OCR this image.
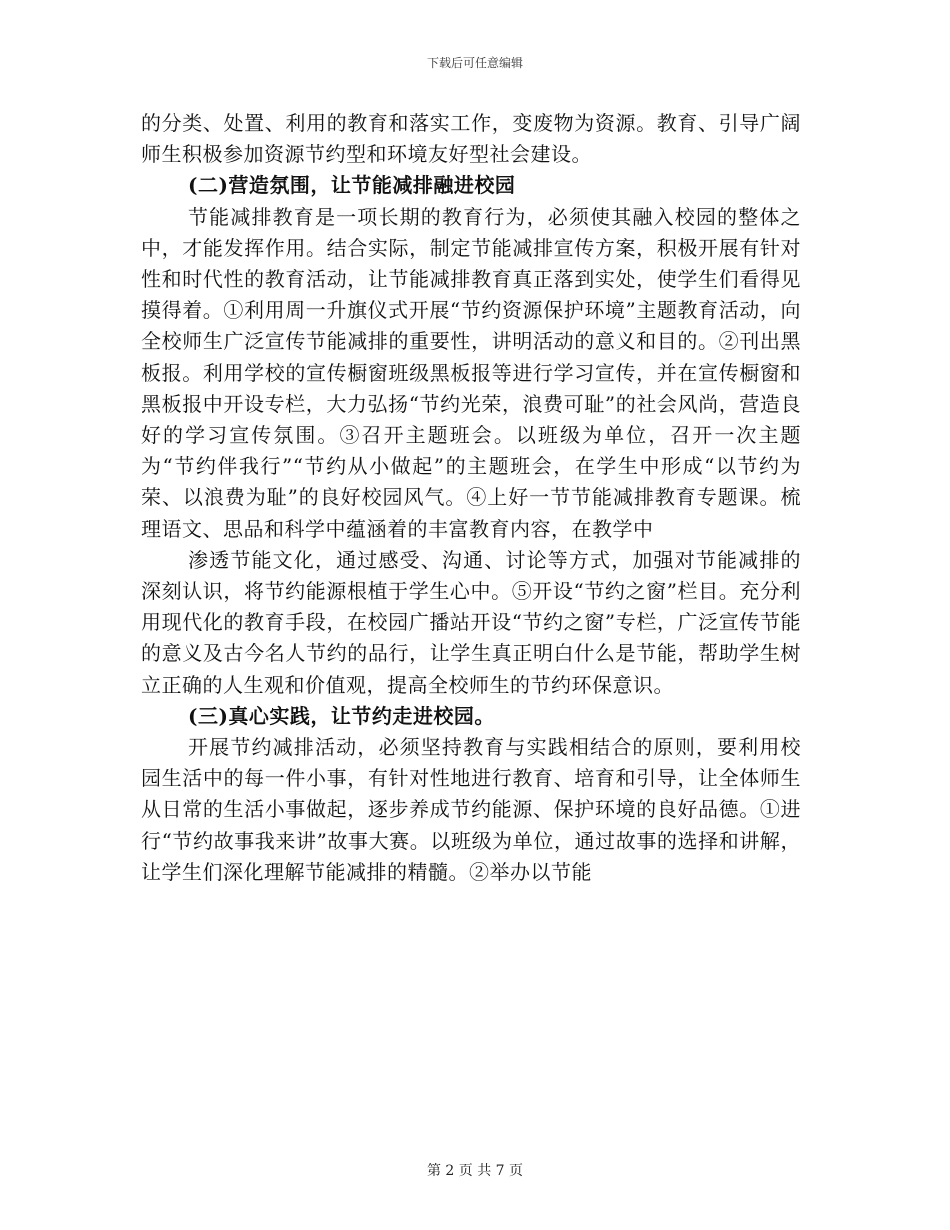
下载后可任意编辑

的分类、处置、利用的教育和落实工作，变废物为资源。教育、引导广阔师生积极参加资源节约型和环境友好型社会建设。

(二)营造氛围，让节能减排融进校园

节能减排教育是一项长期的教育行为，必须使其融入校园的整体之中，才能发挥作用。结合实际，制定节能减排宣传方案，积极开展有针对性和时代性的教育活动，让节能减排教育真正落到实处，使学生们看得见摸得着。①利用周一升旗仪式开展“节约资源保护环境”主题教育活动，向全校师生广泛宣传节能减排的重要性，讲明活动的意义和目的。②刊出黑板报。利用学校的宣传橱窗班级黑板报等进行学习宣传，并在宣传橱窗和黑板报中开设专栏，大力弘扬“节约光荣，浪费可耻”的社会风尚，营造良好的学习宣传氛围。③召开主题班会。以班级为单位，召开一次主题为“节约伴我行”“节约从小做起”的主题班会，在学生中形成“以节约为荣、以浪费为耻”的良好校园风气。④上好一节节能减排教育专题课。梳理语文、思品和科学中蕴涵着的丰富教育内容，在教学中

渗透节能文化，通过感受、沟通、讨论等方式，加强对节能减排的深刻认识，将节约能源根植于学生心中。⑤开设“节约之窗”栏目。充分利用现代化的教育手段，在校园广播站开设“节约之窗”专栏，广泛宣传节能的意义及古今名人节约的品行，让学生真正明白什么是节能，帮助学生树立正确的人生观和价值观，提高全校师生的节约环保意识。

(三)真心实践，让节约走进校园。

开展节约减排活动，必须坚持教育与实践相结合的原则，要利用校园生活中的每一件小事，有针对性地进行教育、培育和引导，让全体师生从日常的生活小事做起，逐步养成节约能源、保护环境的良好品德。①进行“节约故事我来讲”故事大赛。以班级为单位，通过故事的选择和讲解，让学生们深化理解节能减排的精髓。②举办以节能

第 2 页 共 7 页
